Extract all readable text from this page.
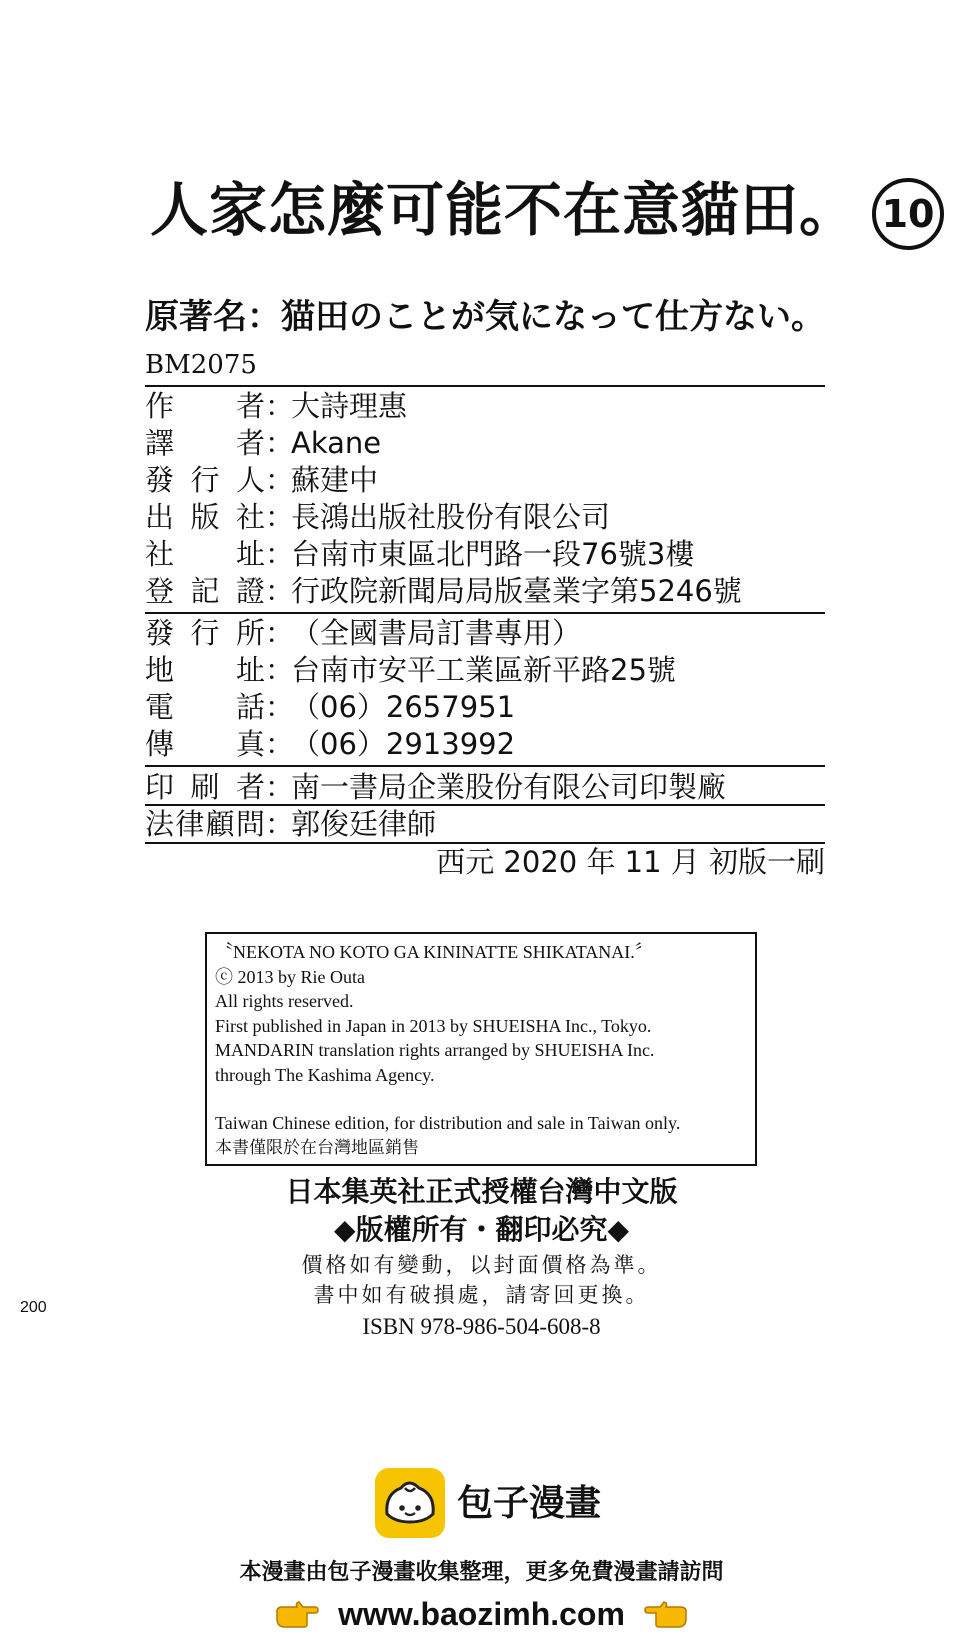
人家怎麼可能不在意貓田。 10
原著名：猫田のことが気になって仕方ない。
BM2075
作者：大詩理惠
譯者：Akane
發行人：蘇建中
出版社：長鴻出版社股份有限公司
社址：台南市東區北門路一段76號3樓
登記證：行政院新聞局局版臺業字第5246號
發行所：（全國書局訂書專用）
地址：台南市安平工業區新平路25號
電話：（06）2657951
傳真：（06）2913992
印刷者：南一書局企業股份有限公司印製廠
法律顧問：郭俊廷律師
西元 2020 年 11 月 初版一刷
〝NEKOTA NO KOTO GA KININATTE SHIKATANAI.〞
ⓒ 2013 by Rie Outa
All rights reserved.
First published in Japan in 2013 by SHUEISHA Inc., Tokyo.
MANDARIN translation rights arranged by SHUEISHA Inc.
through The Kashima Agency.
Taiwan Chinese edition, for distribution and sale in Taiwan only.
本書僅限於在台灣地區銷售
日本集英社正式授權台灣中文版
◆版權所有・翻印必究◆
價格如有變動，以封面價格為準。
書中如有破損處，請寄回更換。
ISBN 978-986-504-608-8
200
包子漫畫
本漫畫由包子漫畫收集整理，更多免費漫畫請訪問
www.baozimh.com
